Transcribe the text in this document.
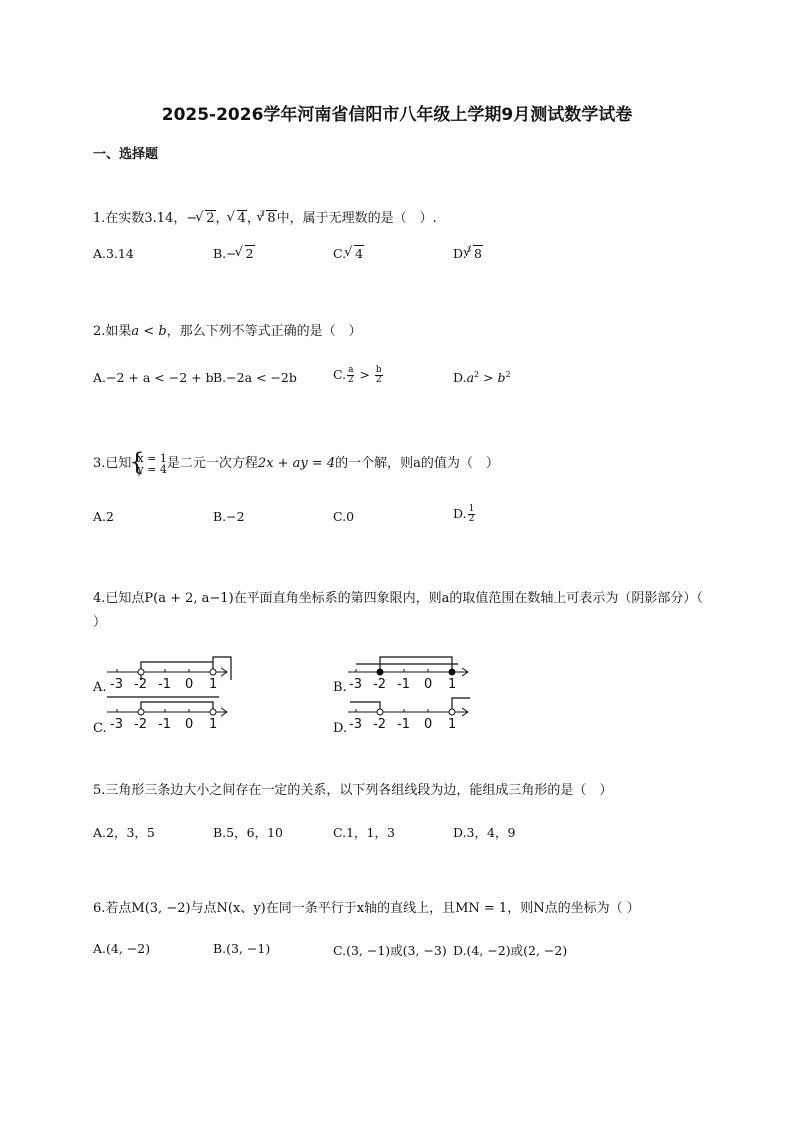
2025-2026学年河南省信阳市八年级上学期9月测试数学试卷
一、选择题
1.在实数3.14，− √ 2， √ 4，$^3$ √ 8中，属于无理数的是（　）.
A.3.14	B.− √ 2	C. √ 4	D.$^3$ √ 8
2.如果a < b，那么下列不等式正确的是（　）
A.−2 + a < −2 + b B.−2a < −2b	C. $\frac{a}{2} > \frac{b}{2}$	$D.a^2 > b^2$
3.已知 { x = 1
y = 4 是二元一次方程2x + ay = 4的一个解，则a的值为（　）
A.2	B.−2	C.0	D. $\frac{1}{2}$
4.已知点P(a + 2, a−1)在平面直角坐标系的第四象限内，则a的取值范围在数轴上可表示为（阴影部分）（ ）
A. -3 -2 -1 0 1	B. -3 -2 -1 0 1
C. -3 -2 -1 0 1	D. -3 -2 -1 0 1
5.三角形三条边大小之间存在一定的关系，以下列各组线段为边，能组成三角形的是（　）
A.2，3，5	B.5，6，10	C.1，1，3	D.3，4，9
6.若点M(3, −2)与点N(x、y)在同一条平行于x轴的直线上，且MN = 1，则N点的坐标为（ ）
A.(4, −2)	B.(3, −1)	C.(3, −1)或(3, −3) D.(4, −2)或(2, −2)
